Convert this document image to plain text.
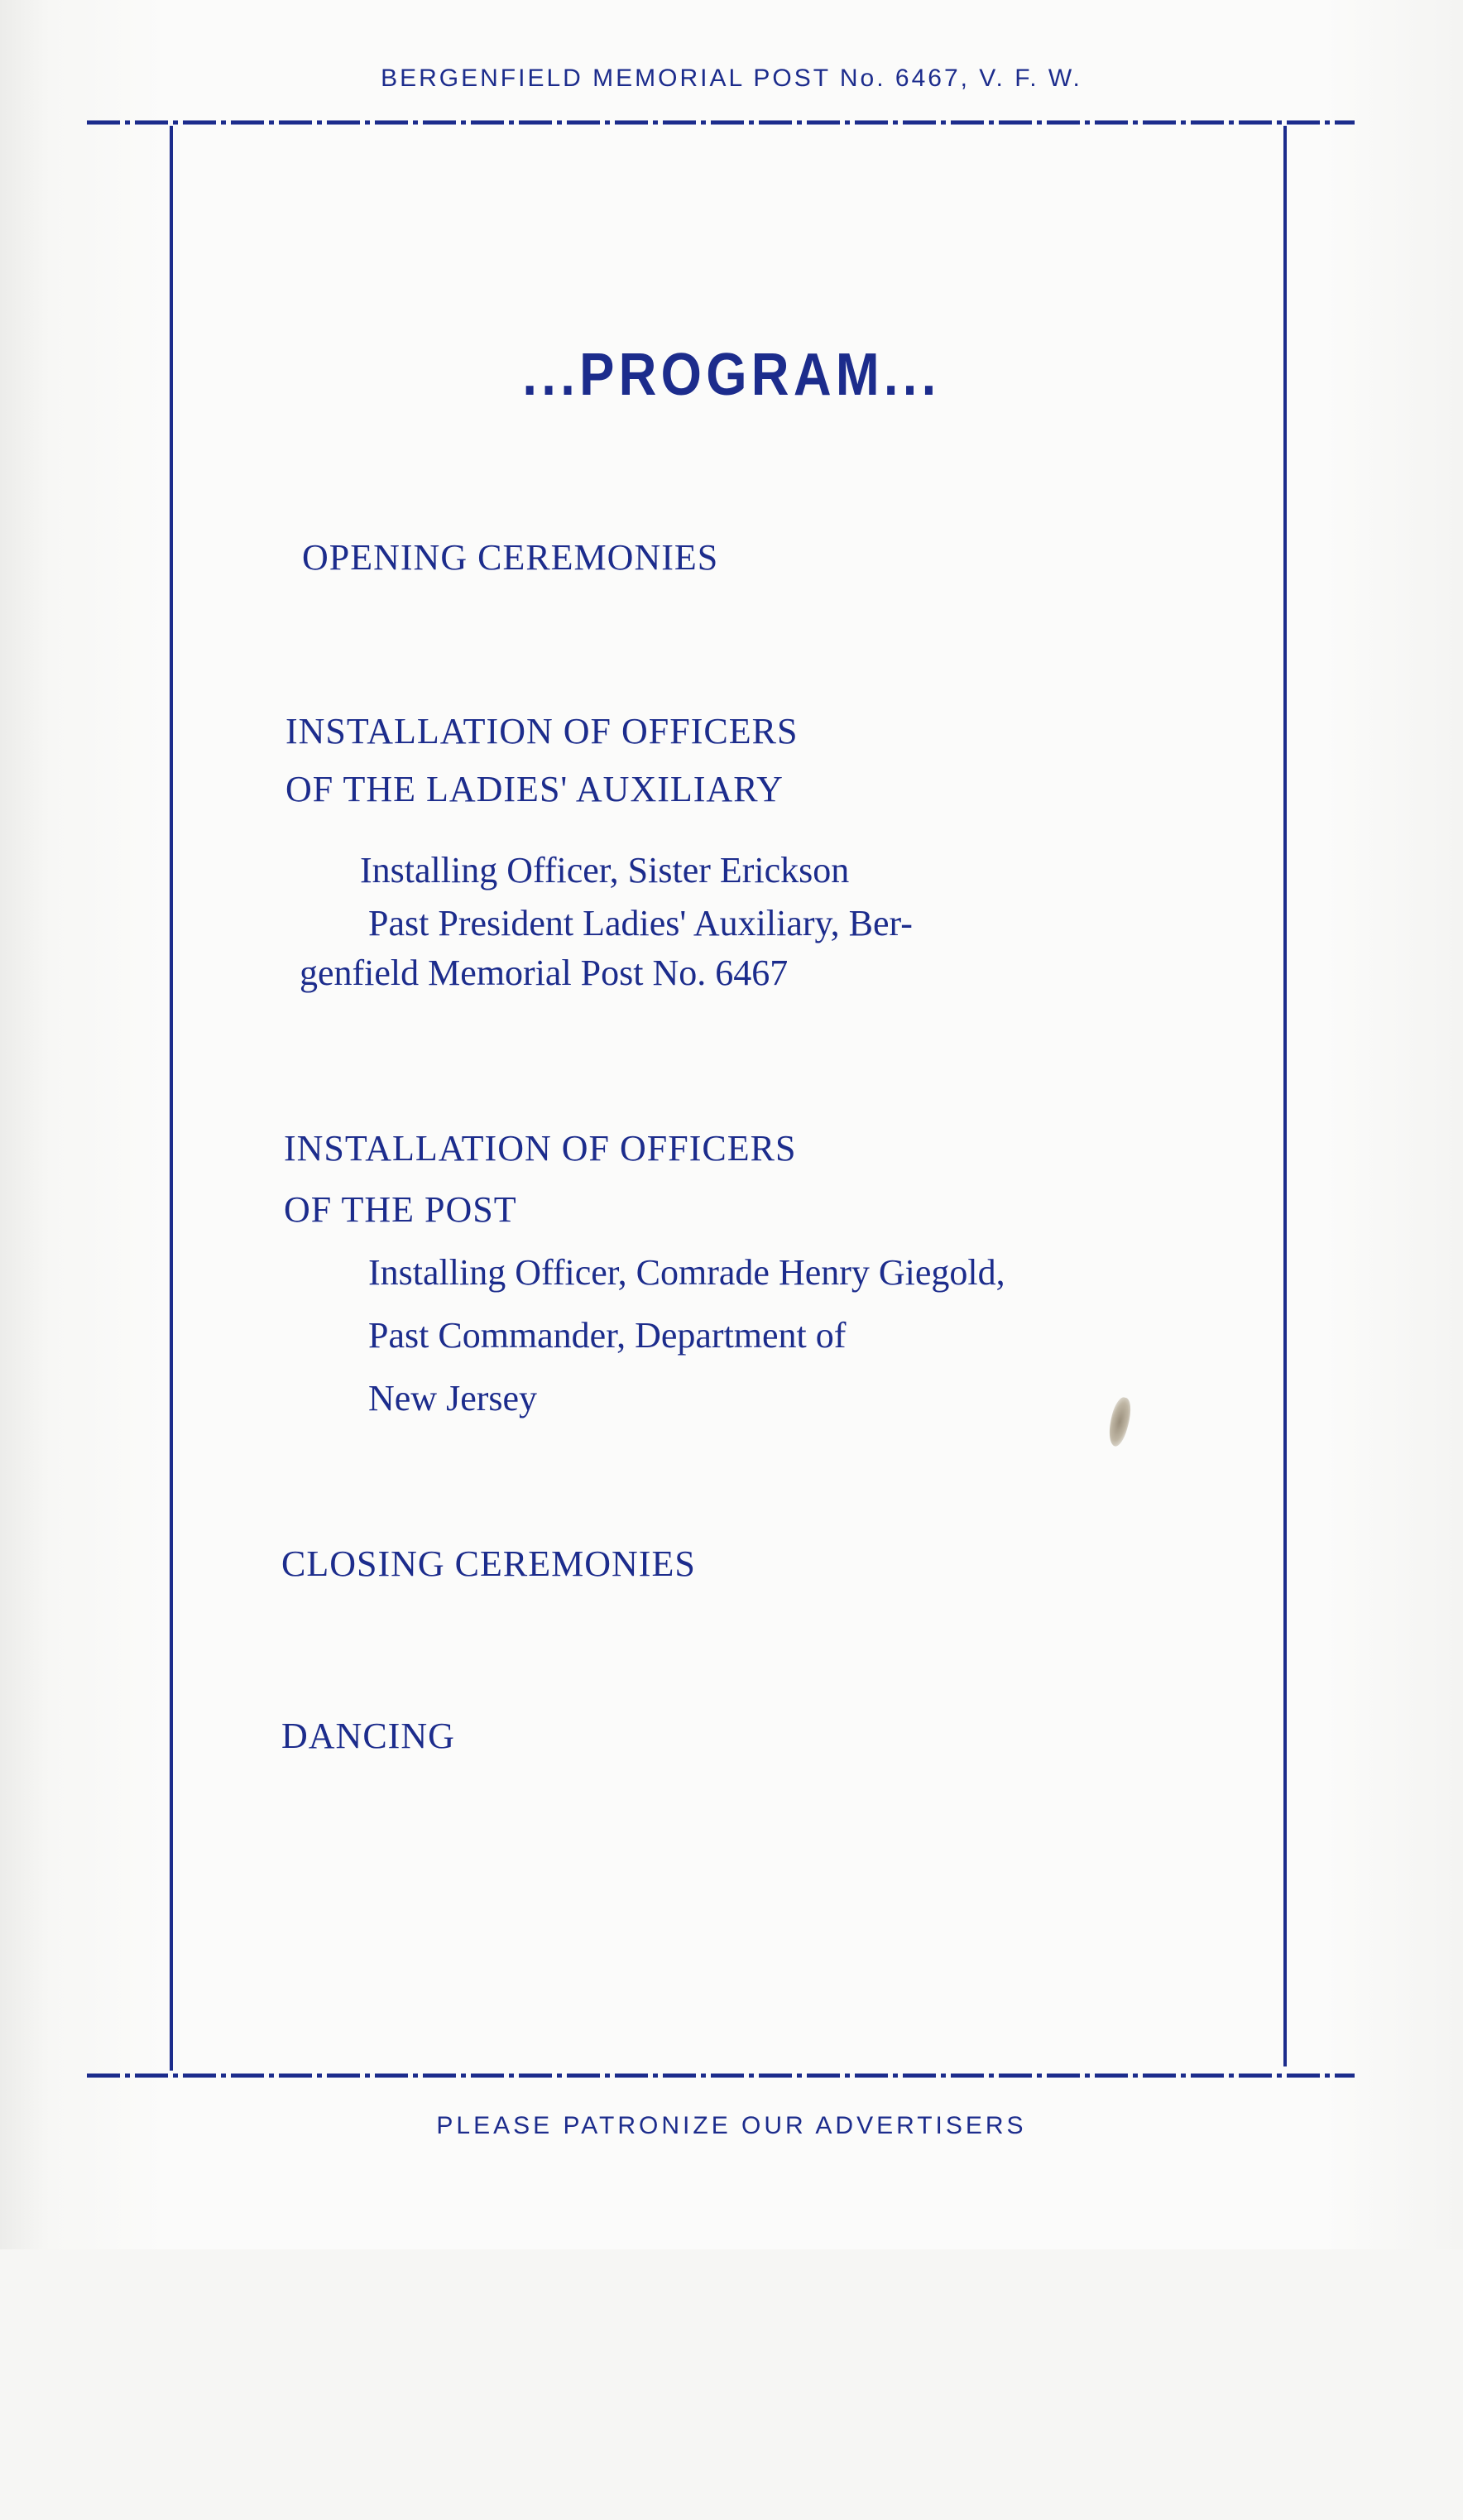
BERGENFIELD MEMORIAL POST No. 6467, V. F. W.
...PROGRAM...
OPENING CEREMONIES
INSTALLATION OF OFFICERS
OF THE LADIES' AUXILIARY
Installing Officer, Sister Erickson
Past President Ladies' Auxiliary, Ber-
genfield Memorial Post No. 6467
INSTALLATION OF OFFICERS
OF THE POST
Installing Officer, Comrade Henry Giegold,
Past Commander, Department of
New Jersey
CLOSING CEREMONIES
DANCING
PLEASE PATRONIZE OUR ADVERTISERS
